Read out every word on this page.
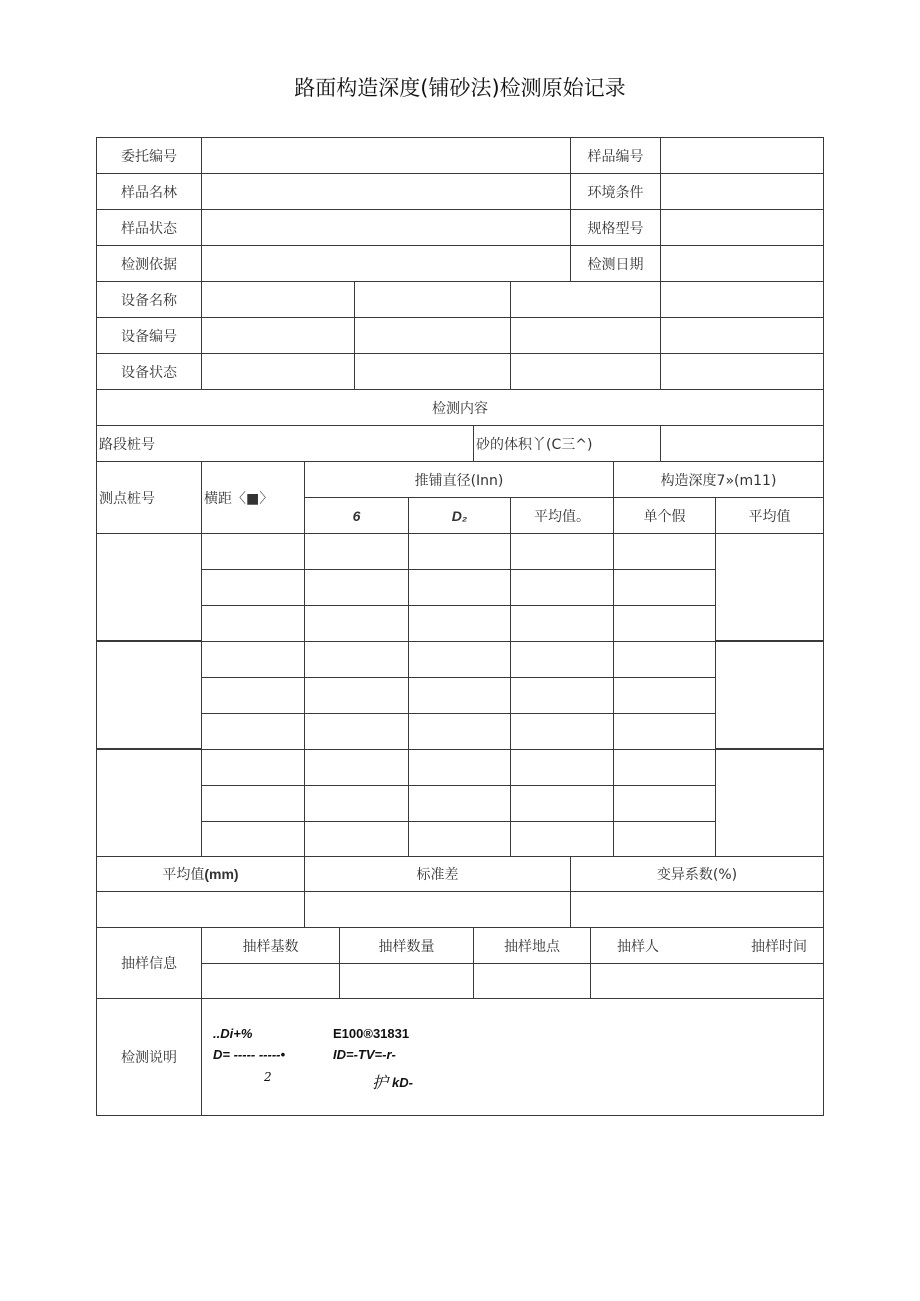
路面构造深度(铺砂法)检测原始记录
委托编号	样品编号
样品名林	环境条件
样品状态	规格型号
检测依据	检测日期
设备名称
设备编号
设备状态
检测内容
路段桩号	砂的体积丫(C三^)
测点桩号	横距〈■〉
推铺直径(Inn)	构造深度7»(m11)
6	D₂	平均值。	单个假	平均值
平均值 (mm)	标准差	变异系数(%)
抽样信息
抽样基数	抽样数量	抽样地点	抽样人	抽样时间
检测说明
..Di+%	E100®31831
D= ----- -----•	ID=-TV=-r-
2	护 kD-
